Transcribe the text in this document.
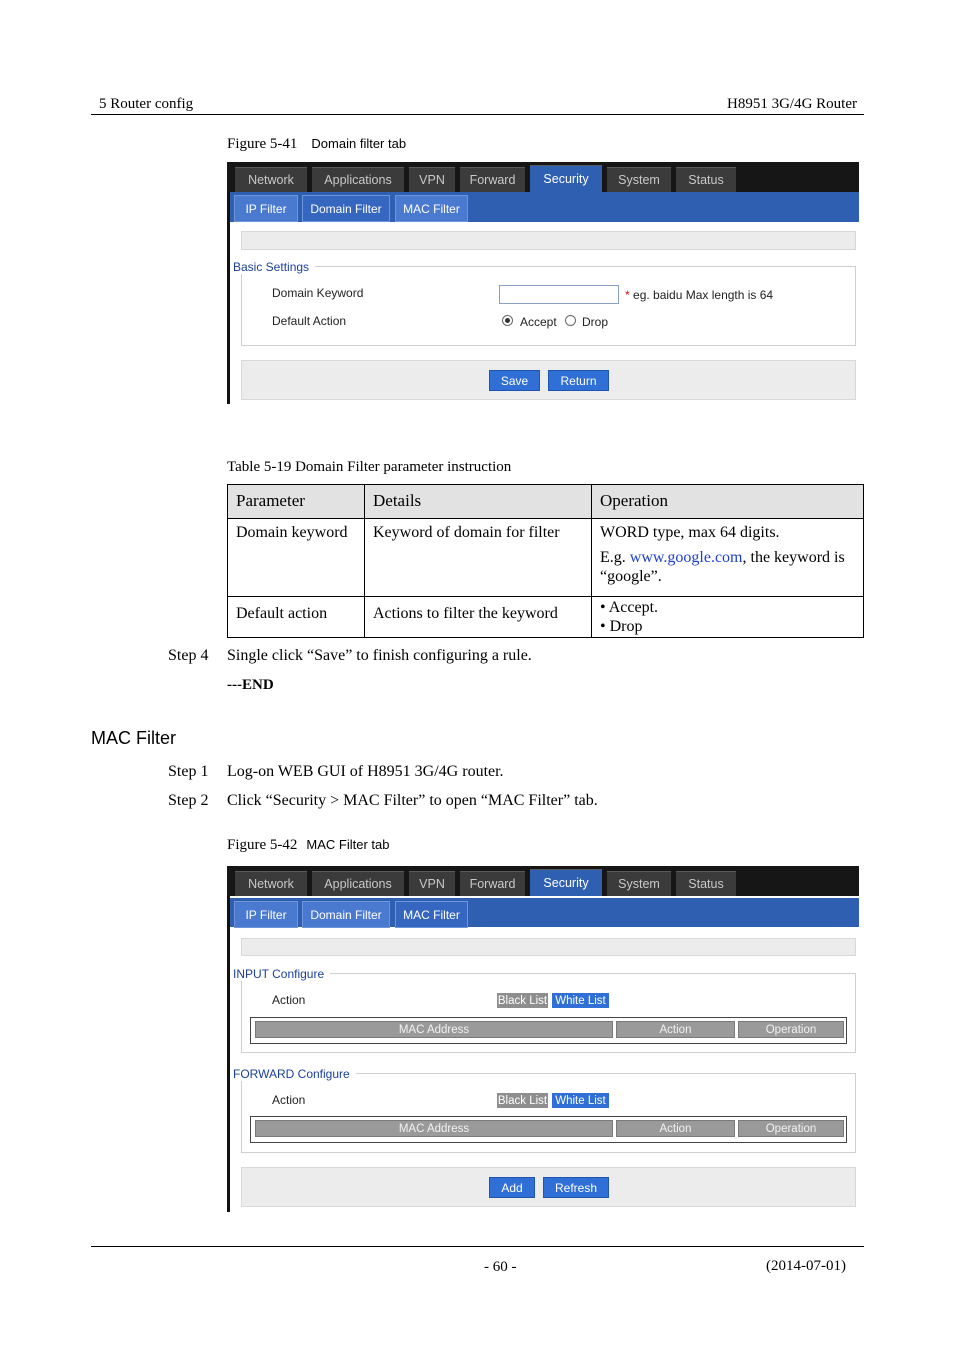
5 Router config	H8951 3G/4G Router
Figure 5-41 Domain filter tab
Network	Applications	VPN	Forward	Security	System	Status
IP Filter	Domain Filter	MAC Filter
Basic Settings
Domain Keyword	* eg. baidu Max length is 64
Default Action	Accept Drop
Save	Return
Table 5-19 Domain Filter parameter instruction
Parameter	Details	Operation
Domain keyword	Keyword of domain for filter	WORD type, max 64 digits.
E.g. www.google.com, the keyword is “google”.

Default action	Actions to filter the keyword	• Accept.
• Drop
Step 4 Single click “Save” to finish configuring a rule.
---END
MAC Filter
Step 1 Log-on WEB GUI of H8951 3G/4G router.
Step 2 Click “Security > MAC Filter” to open “MAC Filter” tab.
Figure 5-42 MAC Filter tab
Network	Applications	VPN	Forward	Security	System	Status
IP Filter	Domain Filter	MAC Filter
INPUT Configure
Action	Black List White List
MAC Address	Action	Operation
FORWARD Configure
Action	Black List White List
MAC Address	Action	Operation
Add	Refresh
- 60 -	(2014-07-01)
